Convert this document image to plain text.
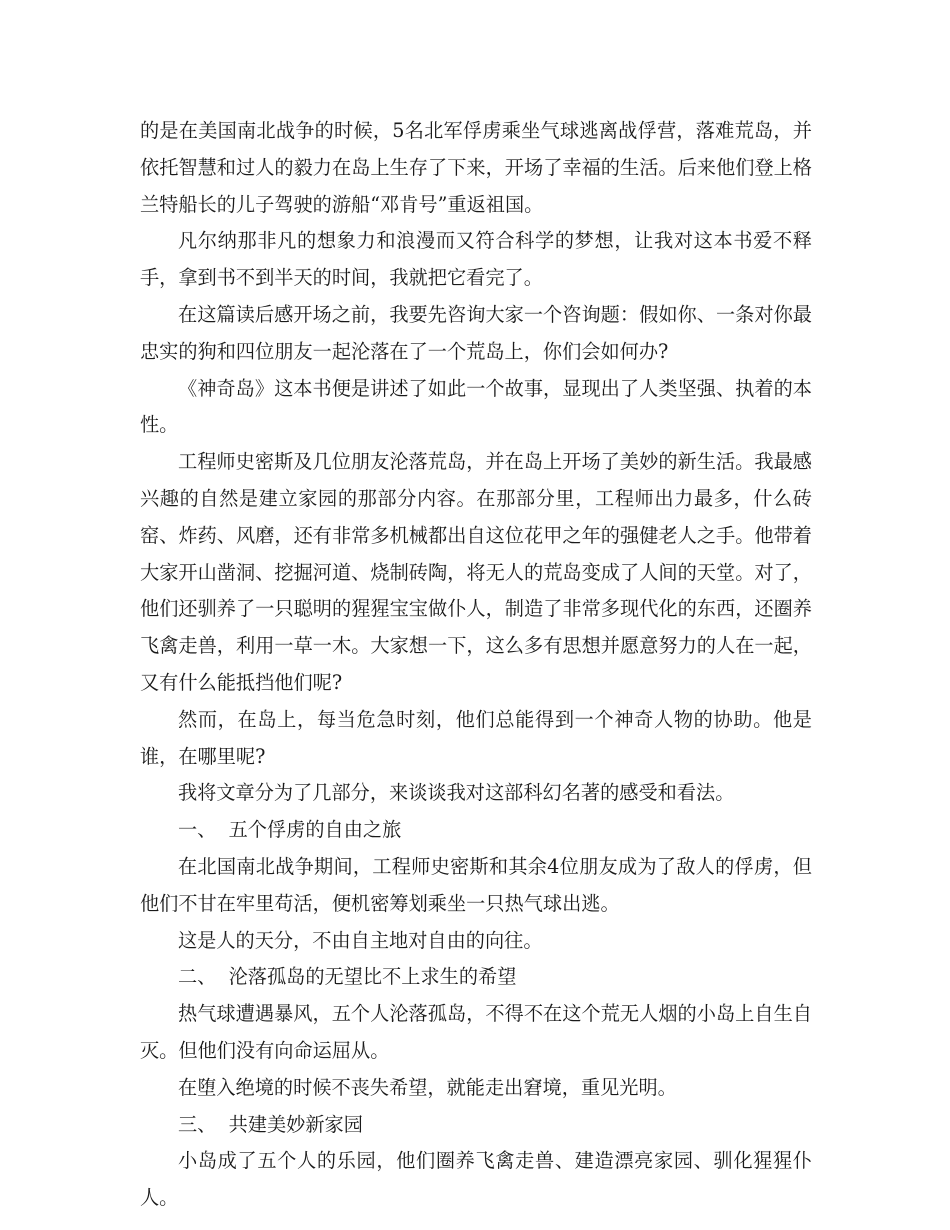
的是在美国南北战争的时候，5名北军俘虏乘坐气球逃离战俘营，落难荒岛，并依托智慧和过人的毅力在岛上生存了下来，开场了幸福的生活。后来他们登上格兰特船长的儿子驾驶的游船“邓肯号”重返祖国。

凡尔纳那非凡的想象力和浪漫而又符合科学的梦想，让我对这本书爱不释手，拿到书不到半天的时间，我就把它看完了。

在这篇读后感开场之前，我要先咨询大家一个咨询题：假如你、一条对你最忠实的狗和四位朋友一起沦落在了一个荒岛上，你们会如何办?

《神奇岛》这本书便是讲述了如此一个故事，显现出了人类坚强、执着的本性。

工程师史密斯及几位朋友沦落荒岛，并在岛上开场了美妙的新生活。我最感兴趣的自然是建立家园的那部分内容。在那部分里，工程师出力最多，什么砖窑、炸药、风磨，还有非常多机械都出自这位花甲之年的强健老人之手。他带着大家开山凿洞、挖掘河道、烧制砖陶，将无人的荒岛变成了人间的天堂。对了，他们还驯养了一只聪明的猩猩宝宝做仆人，制造了非常多现代化的东西，还圈养飞禽走兽，利用一草一木。大家想一下，这么多有思想并愿意努力的人在一起，又有什么能抵挡他们呢?

然而，在岛上，每当危急时刻，他们总能得到一个神奇人物的协助。他是谁，在哪里呢?

我将文章分为了几部分，来谈谈我对这部科幻名著的感受和看法。

一、  五个俘虏的自由之旅

在北国南北战争期间，工程师史密斯和其余4位朋友成为了敌人的俘虏，但他们不甘在牢里苟活，便机密筹划乘坐一只热气球出逃。

这是人的天分，不由自主地对自由的向往。

二、  沦落孤岛的无望比不上求生的希望

热气球遭遇暴风，五个人沦落孤岛，不得不在这个荒无人烟的小岛上自生自灭。但他们没有向命运屈从。

在堕入绝境的时候不丧失希望，就能走出窘境，重见光明。

三、  共建美妙新家园

小岛成了五个人的乐园，他们圈养飞禽走兽、建造漂亮家园、驯化猩猩仆人。
